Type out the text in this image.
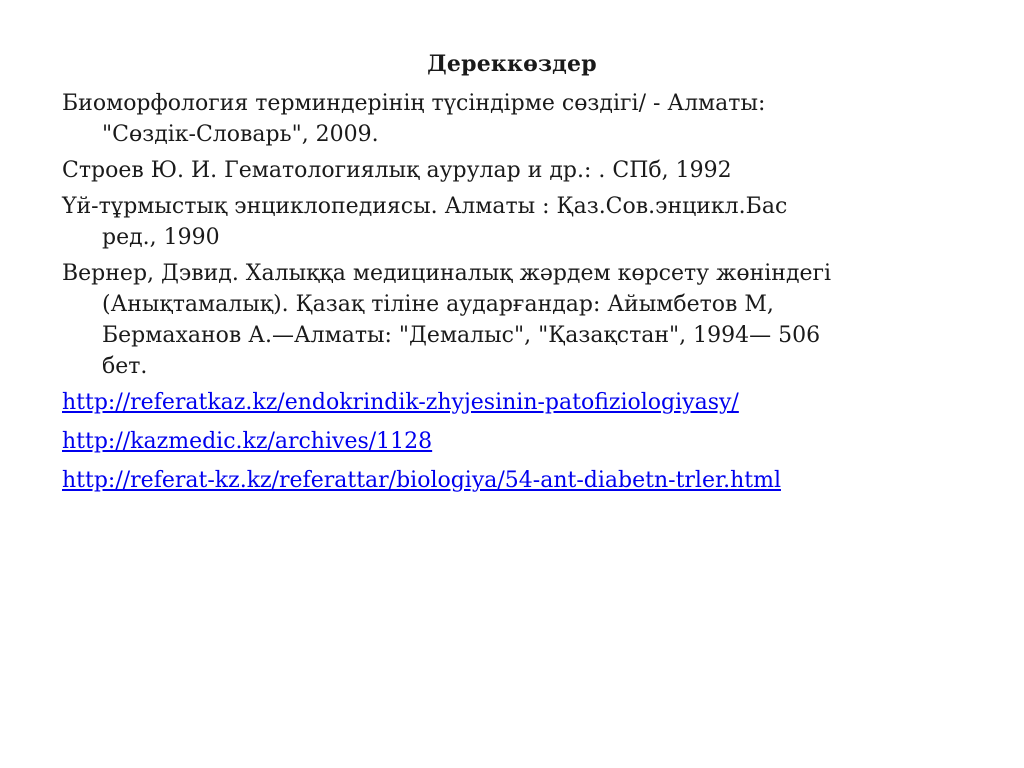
Дереккөздер
Биоморфология терминдерінің түсіндірме сөздігі/ - Алматы:
"Сөздік-Словарь", 2009.
Строев Ю. И. Гематологиялық аурулар и др.: . СПб, 1992
Үй-тұрмыстық энциклопедиясы. Алматы : Қаз.Сов.энцикл.Бас
ред., 1990
Вернер, Дэвид. Халыққа медициналық жәрдем көрсету жөніндегі
(Анықтамалық). Қазақ тіліне аударғандар: Айымбетов М,
Бермаханов А.—Алматы: "Демалыс", "Қазақстан", 1994— 506
бет.
http://referatkaz.kz/endokrindik-zhyjesinin-patofiziologiyasy/
http://kazmedic.kz/archives/1128
http://referat-kz.kz/referattar/biologiya/54-ant-diabetn-trler.html
